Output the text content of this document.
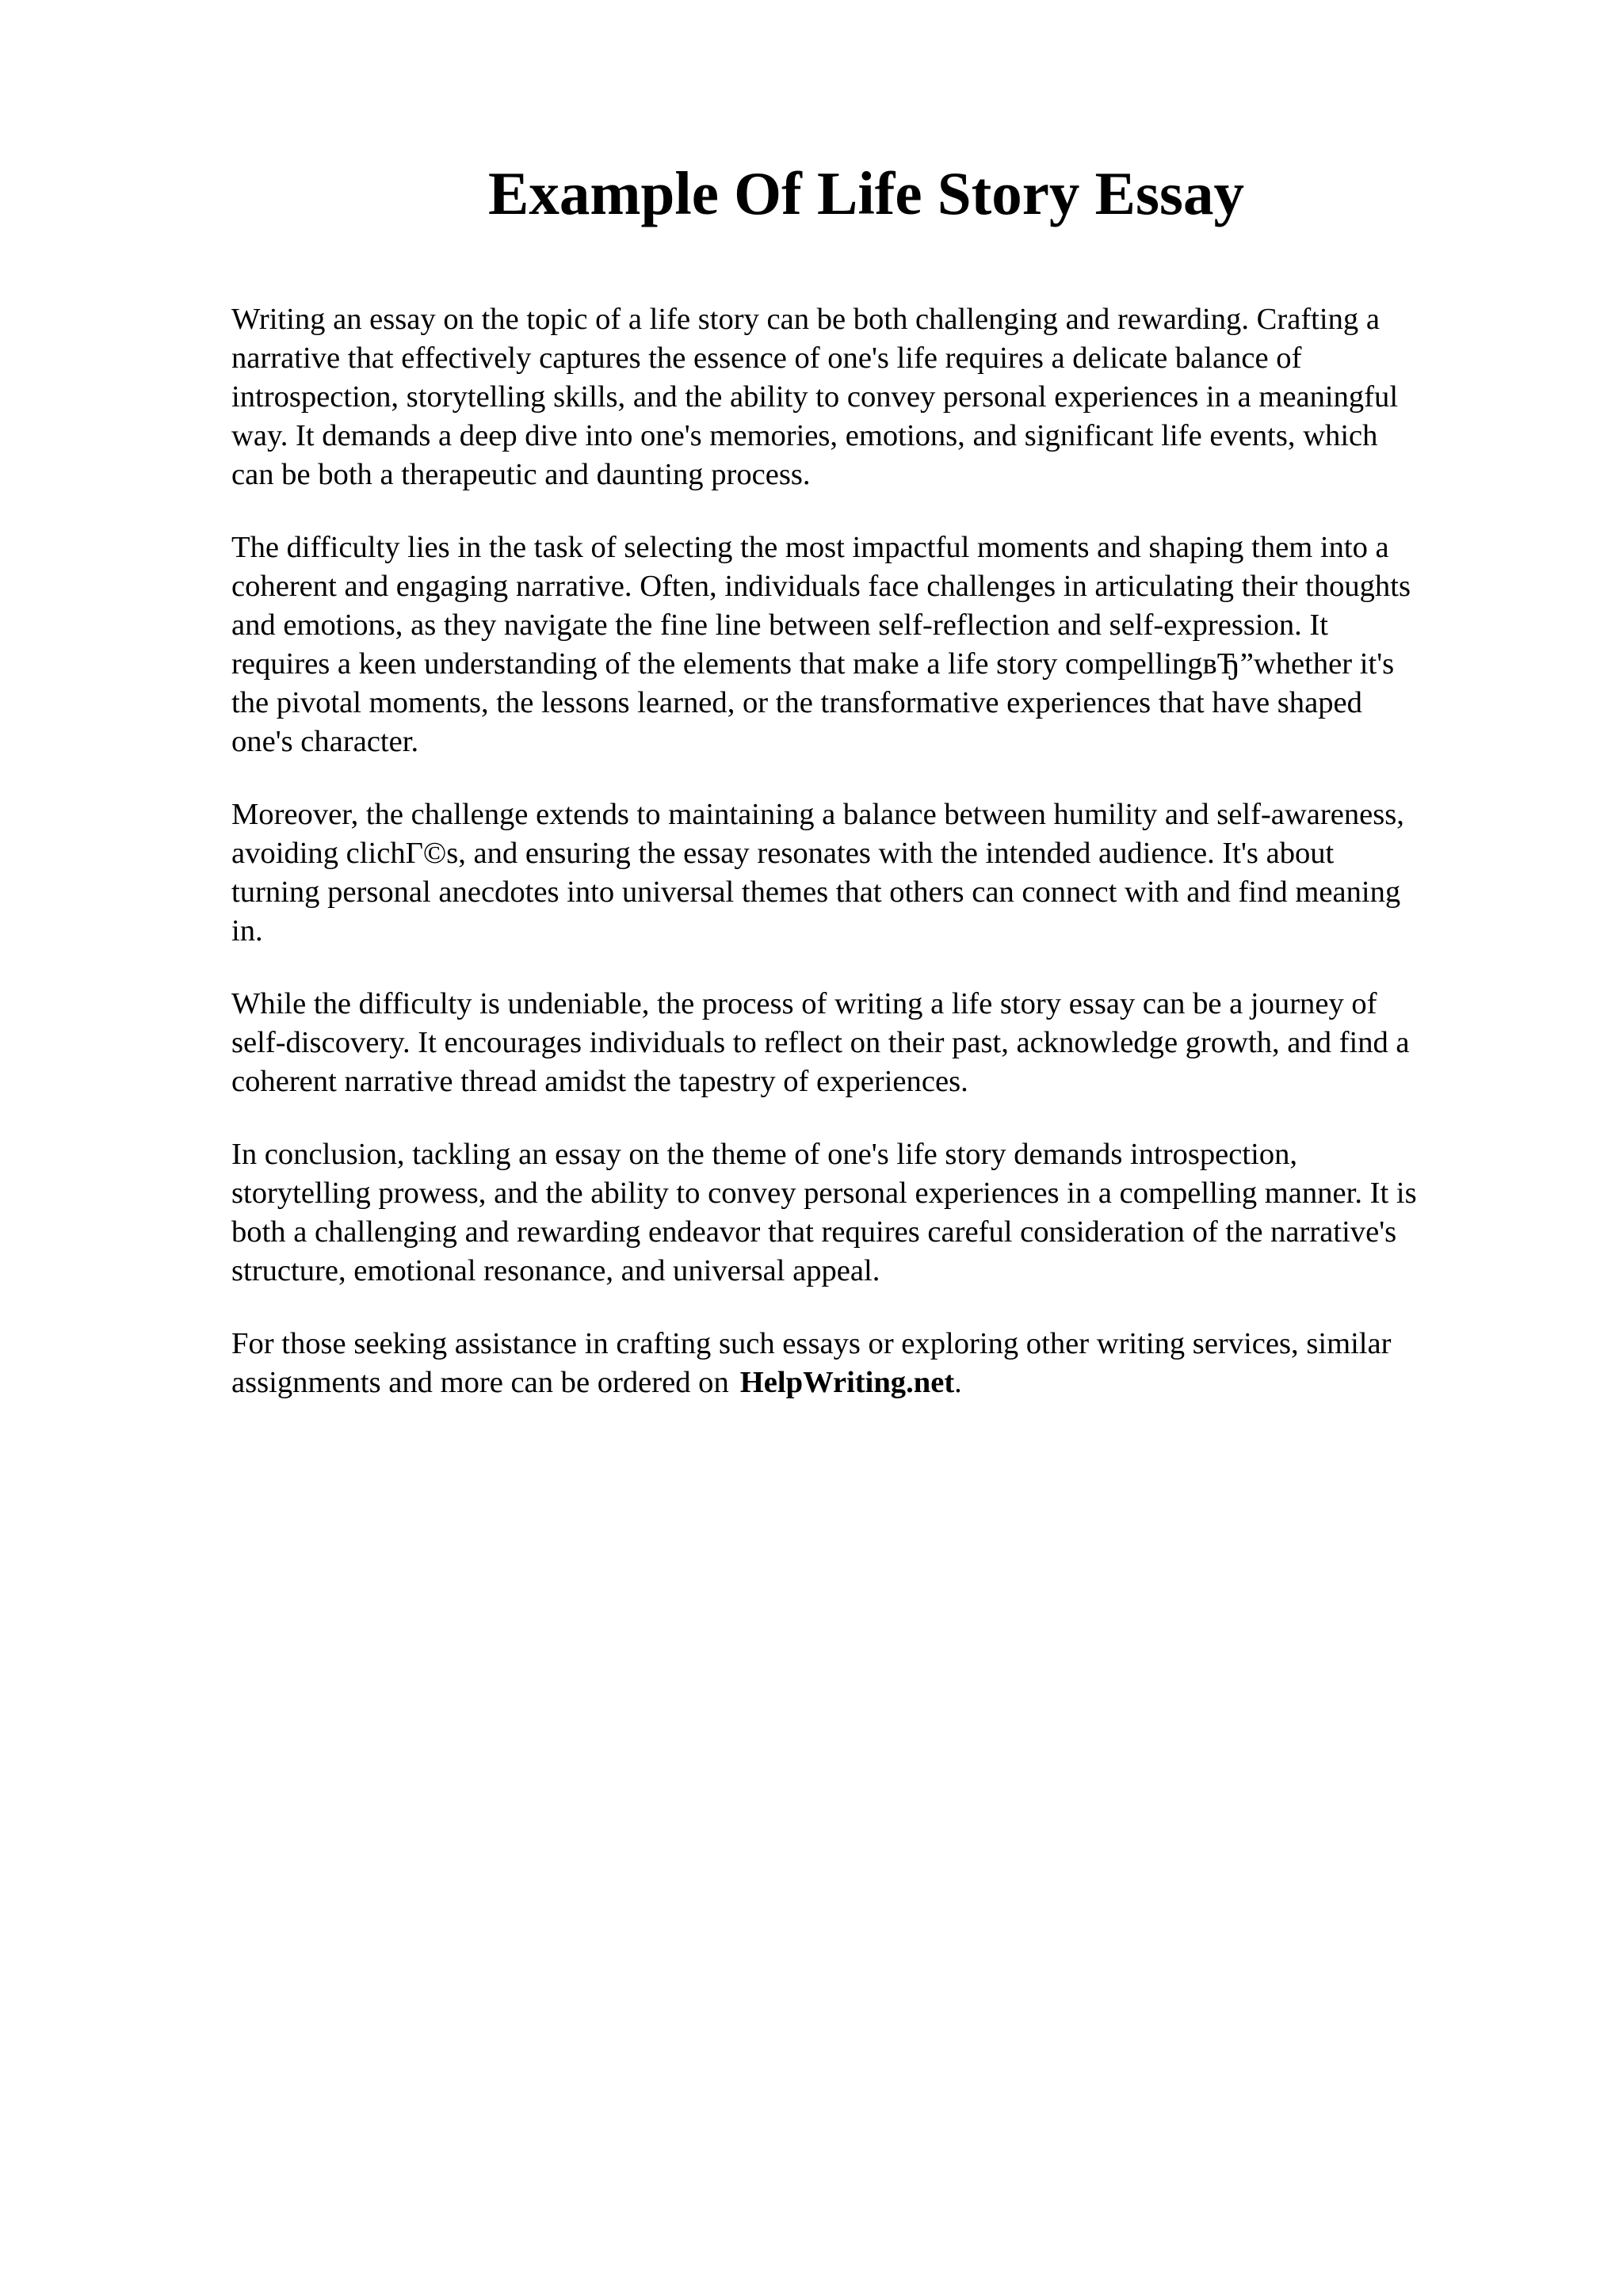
Example Of Life Story Essay

Writing an essay on the topic of a life story can be both challenging and rewarding. Crafting a
narrative that effectively captures the essence of one's life requires a delicate balance of
introspection, storytelling skills, and the ability to convey personal experiences in a meaningful
way. It demands a deep dive into one's memories, emotions, and significant life events, which
can be both a therapeutic and daunting process.

The difficulty lies in the task of selecting the most impactful moments and shaping them into a
coherent and engaging narrative. Often, individuals face challenges in articulating their thoughts
and emotions, as they navigate the fine line between self-reflection and self-expression. It
requires a keen understanding of the elements that make a life story compellingвЂ”whether it's
the pivotal moments, the lessons learned, or the transformative experiences that have shaped
one's character.

Moreover, the challenge extends to maintaining a balance between humility and self-awareness,
avoiding clichГ©s, and ensuring the essay resonates with the intended audience. It's about
turning personal anecdotes into universal themes that others can connect with and find meaning
in.

While the difficulty is undeniable, the process of writing a life story essay can be a journey of
self-discovery. It encourages individuals to reflect on their past, acknowledge growth, and find a
coherent narrative thread amidst the tapestry of experiences.

In conclusion, tackling an essay on the theme of one's life story demands introspection,
storytelling prowess, and the ability to convey personal experiences in a compelling manner. It is
both a challenging and rewarding endeavor that requires careful consideration of the narrative's
structure, emotional resonance, and universal appeal.

For those seeking assistance in crafting such essays or exploring other writing services, similar
assignments and more can be ordered on HelpWriting.net.
